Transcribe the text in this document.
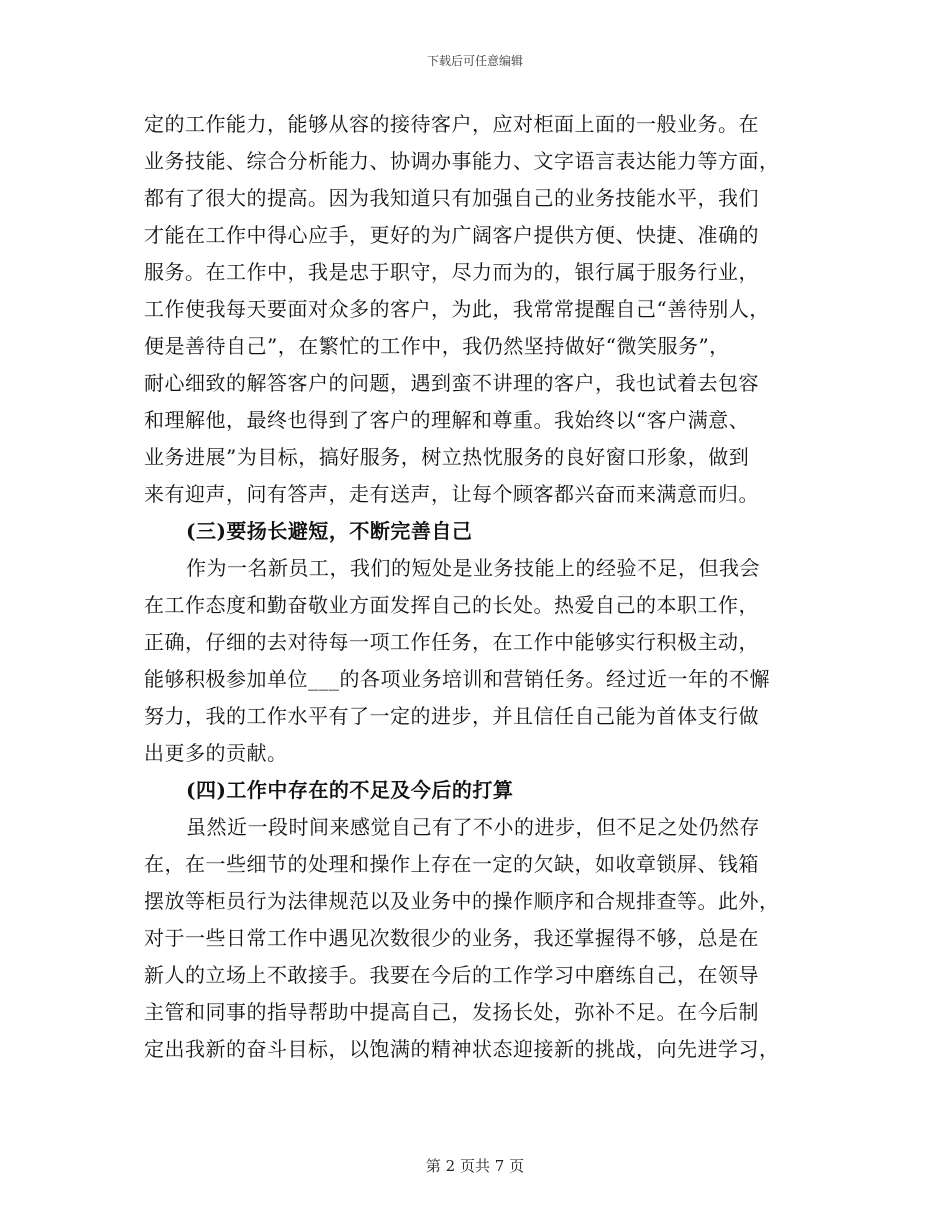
下载后可任意编辑
定的工作能力，能够从容的接待客户，应对柜面上面的一般业务。在
业务技能、综合分析能力、协调办事能力、文字语言表达能力等方面，
都有了很大的提高。因为我知道只有加强自己的业务技能水平，我们
才能在工作中得心应手，更好的为广阔客户提供方便、快捷、准确的
服务。在工作中，我是忠于职守，尽力而为的，银行属于服务行业，
工作使我每天要面对众多的客户，为此，我常常提醒自己“善待别人，
便是善待自己”，在繁忙的工作中，我仍然坚持做好“微笑服务”，
耐心细致的解答客户的问题，遇到蛮不讲理的客户，我也试着去包容
和理解他，最终也得到了客户的理解和尊重。我始终以“客户满意、
业务进展”为目标，搞好服务，树立热忱服务的良好窗口形象，做到
来有迎声，问有答声，走有送声，让每个顾客都兴奋而来满意而归。
(三)要扬长避短，不断完善自己
作为一名新员工，我们的短处是业务技能上的经验不足，但我会
在工作态度和勤奋敬业方面发挥自己的长处。热爱自己的本职工作，
正确，仔细的去对待每一项工作任务，在工作中能够实行积极主动，
能够积极参加单位___的各项业务培训和营销任务。经过近一年的不懈
努力，我的工作水平有了一定的进步，并且信任自己能为首体支行做
出更多的贡献。
(四)工作中存在的不足及今后的打算
虽然近一段时间来感觉自己有了不小的进步，但不足之处仍然存
在，在一些细节的处理和操作上存在一定的欠缺，如收章锁屏、钱箱
摆放等柜员行为法律规范以及业务中的操作顺序和合规排查等。此外，
对于一些日常工作中遇见次数很少的业务，我还掌握得不够，总是在
新人的立场上不敢接手。我要在今后的工作学习中磨练自己，在领导
主管和同事的指导帮助中提高自己，发扬长处，弥补不足。在今后制
定出我新的奋斗目标，以饱满的精神状态迎接新的挑战，向先进学习，
第 2 页共 7 页
